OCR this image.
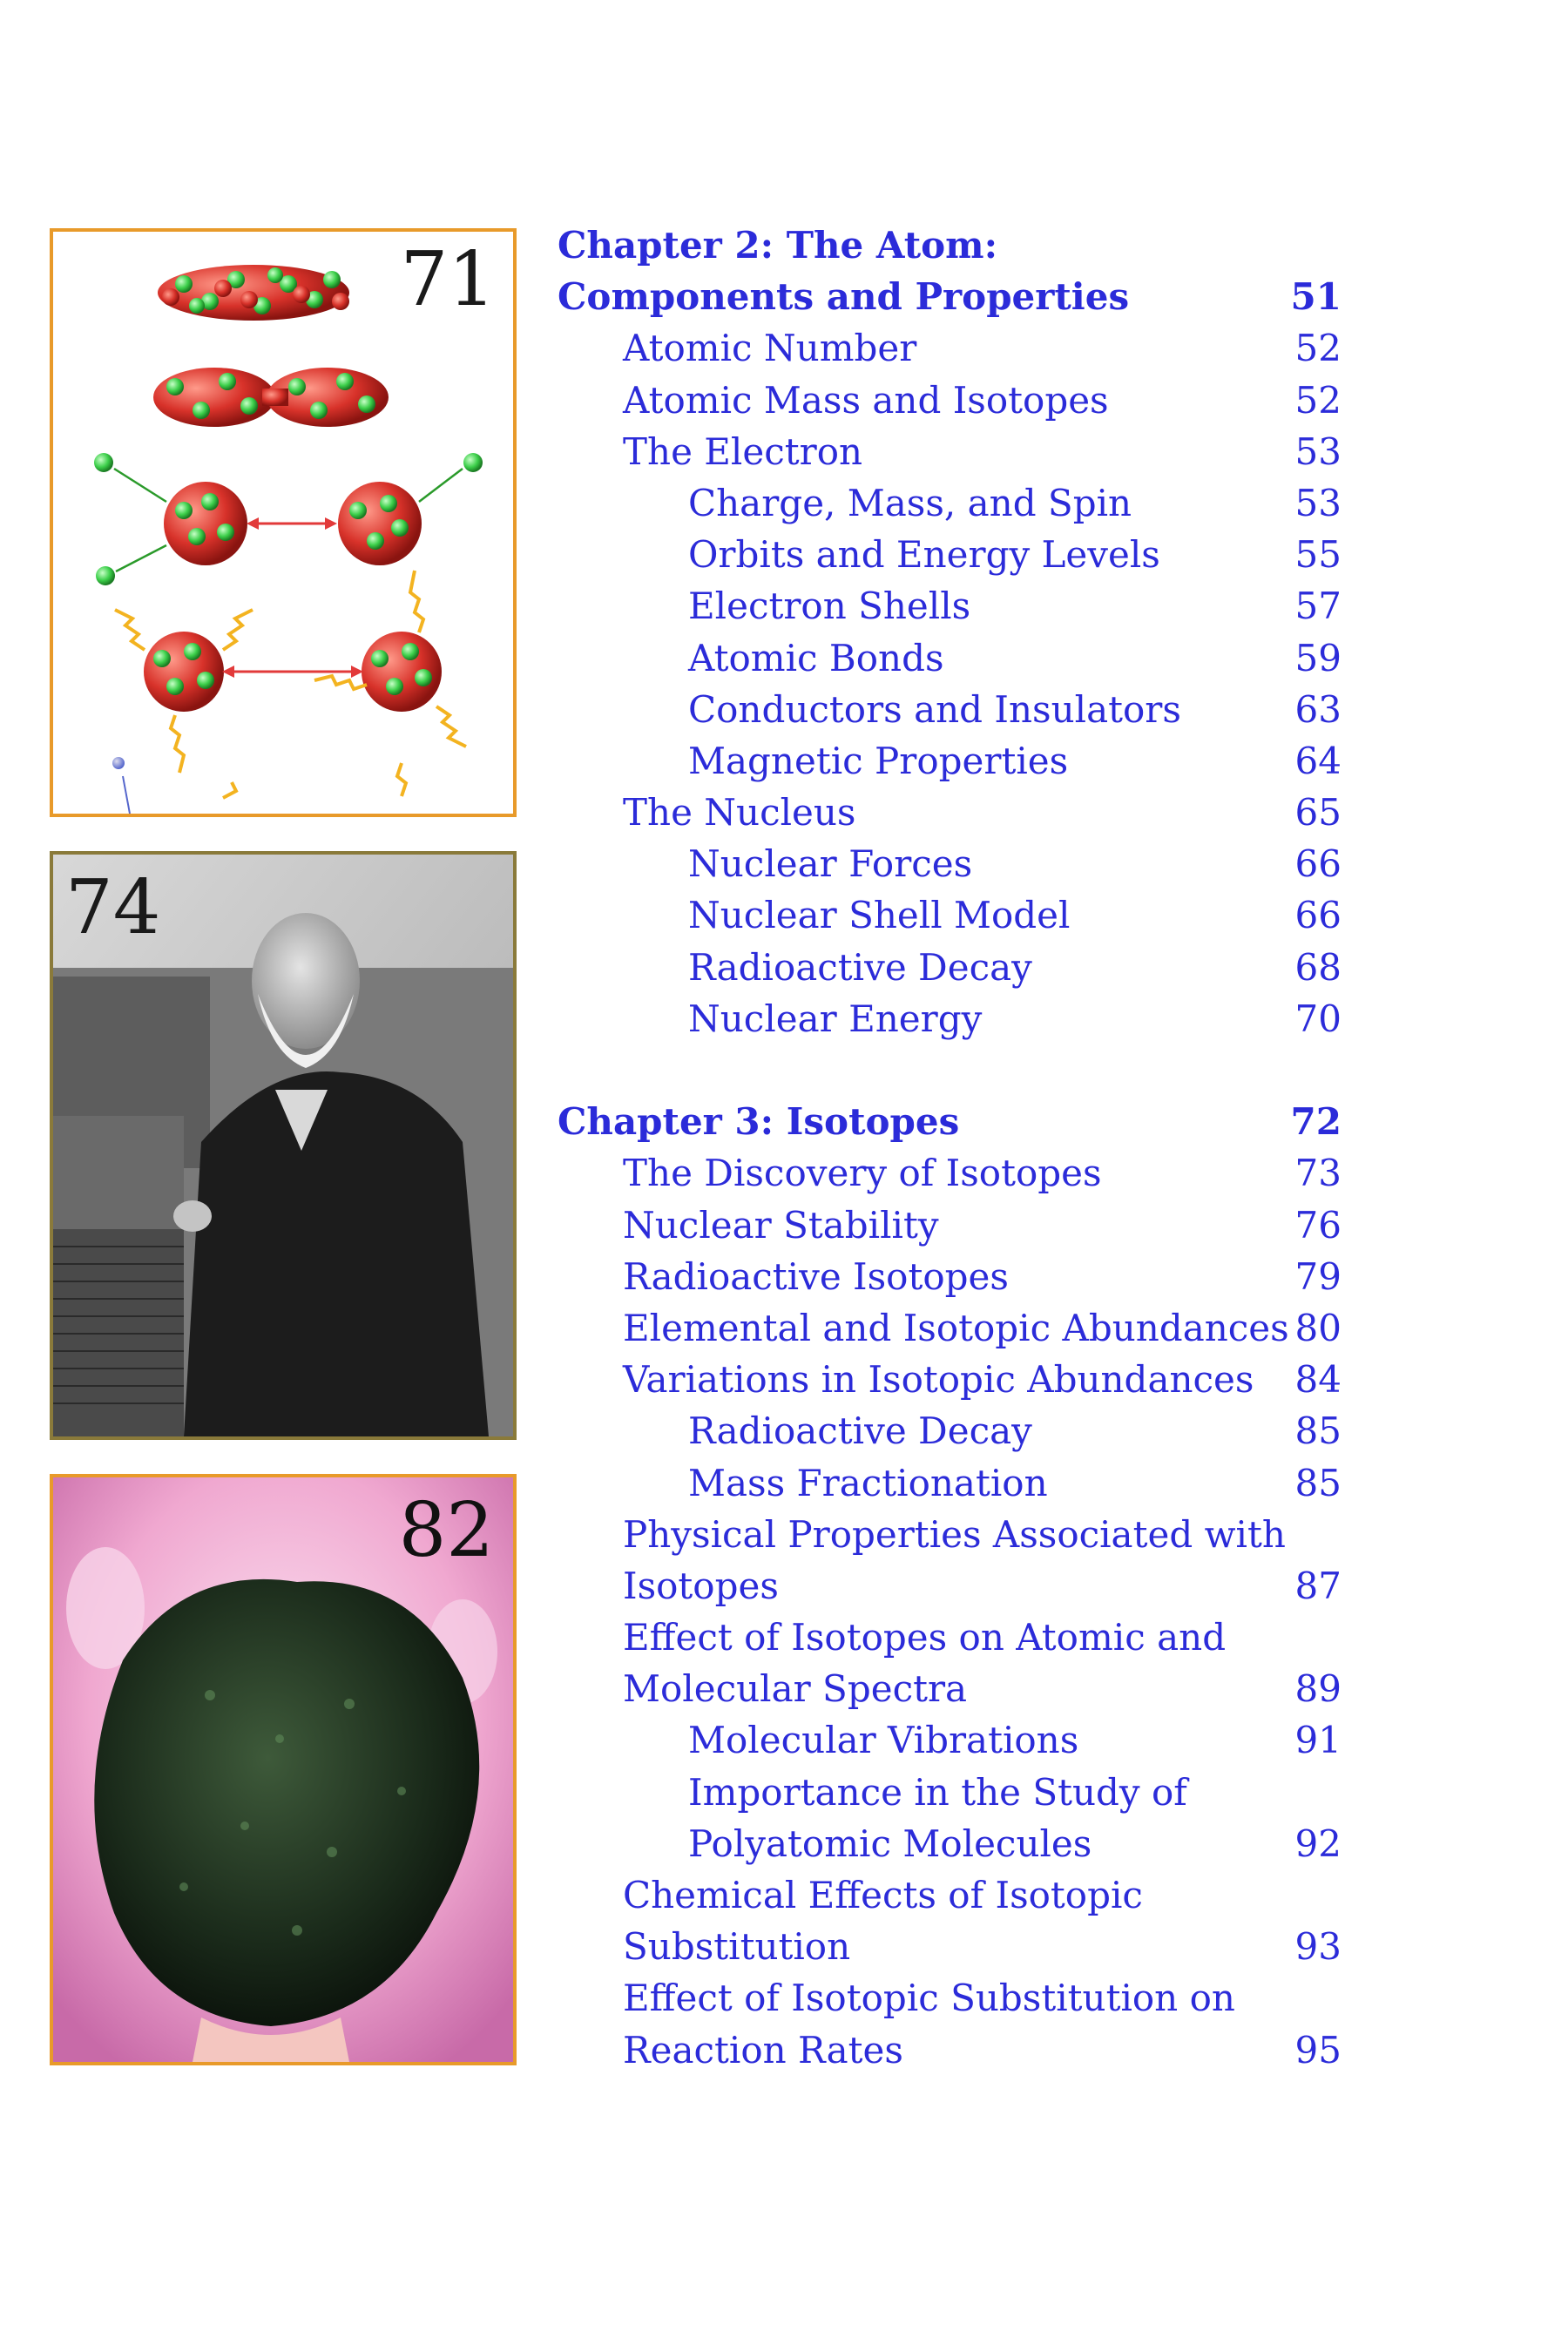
71
74
82
Chapter 2: The Atom:
Components and Properties	51
Atomic Number	52
Atomic Mass and Isotopes	52
The Electron	53
Charge, Mass, and Spin	53
Orbits and Energy Levels	55
Electron Shells	57
Atomic Bonds	59
Conductors and Insulators	63
Magnetic Properties	64
The Nucleus	65
Nuclear Forces	66
Nuclear Shell Model	66
Radioactive Decay	68
Nuclear Energy	70
Chapter 3: Isotopes	72
The Discovery of Isotopes	73
Nuclear Stability	76
Radioactive Isotopes	79
Elemental and Isotopic Abundances 80
Variations in Isotopic Abundances 84
Radioactive Decay	85
Mass Fractionation	85
Physical Properties Associated with
Isotopes	87
Effect of Isotopes on Atomic and
Molecular Spectra	89
Molecular Vibrations	91
Importance in the Study of
Polyatomic Molecules	92
Chemical Effects of Isotopic
Substitution	93
Effect of Isotopic Substitution on
Reaction Rates	95
